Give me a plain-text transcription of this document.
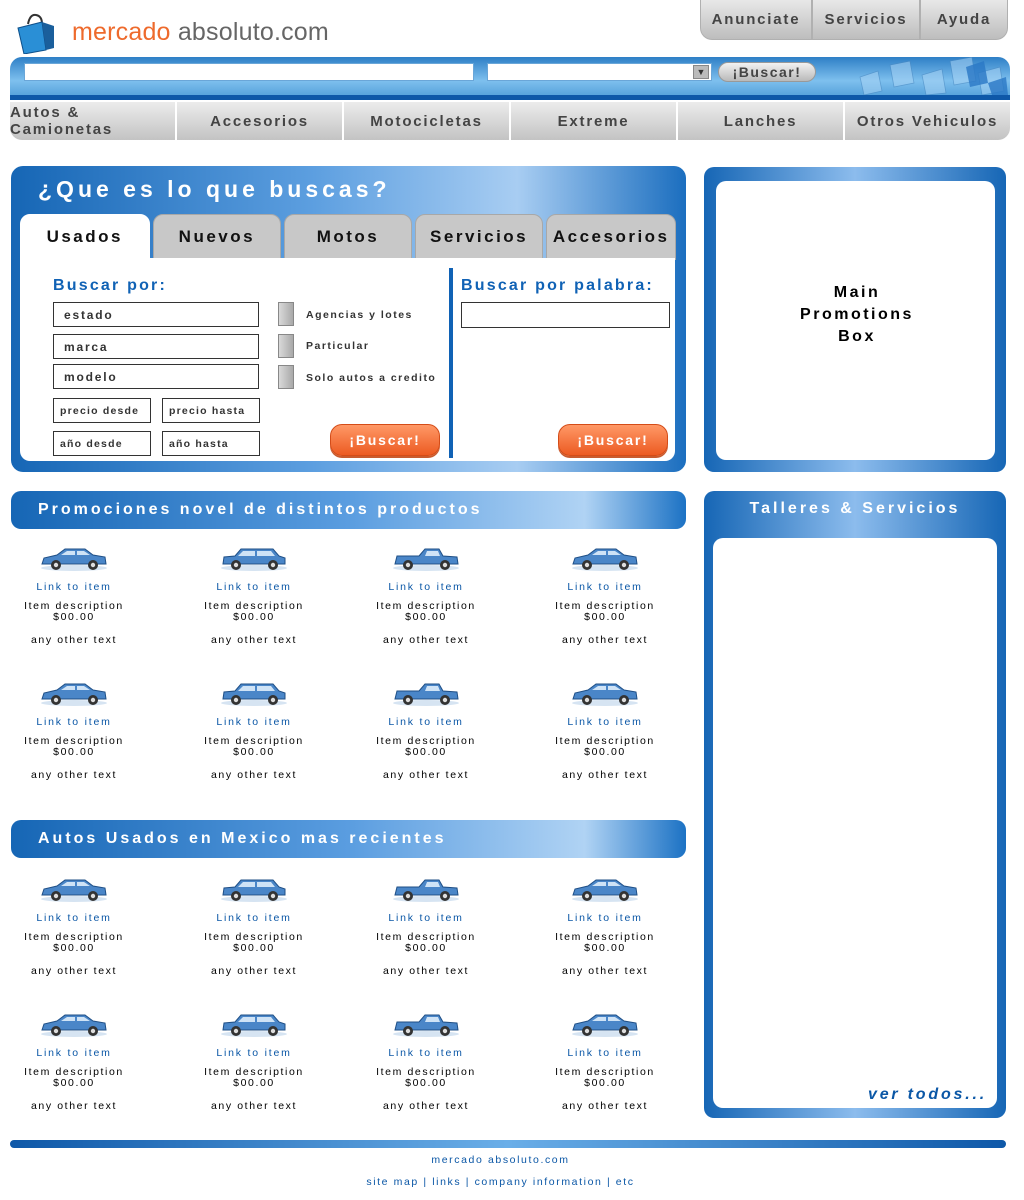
mercado absoluto.com	Anunciate	Servicios	Ayuda
▼	¡Buscar!
Autos & Camionetas	Accesorios	Motocicletas	Extreme	Lanches	Otros Vehiculos
¿Que es lo que buscas?
Usados	Nuevos	Motos	Servicios	Accesorios
Buscar por:
estado
marca
modelo
precio desde	precio hasta
año desde	año hasta
Agencias y lotes
Particular
Solo autos a credito
¡Buscar!
Buscar por palabra:
¡Buscar!
Main
Promotions
Box
Talleres & Servicios
ver todos...
Promociones novel de distintos productos
Autos Usados en Mexico mas recientes
Link to item
Item description
$00.00
any other text
Link to item
Item description
$00.00
any other text
Link to item
Item description
$00.00
any other text
Link to item
Item description
$00.00
any other text
Link to item
Item description
$00.00
any other text
Link to item
Item description
$00.00
any other text
Link to item
Item description
$00.00
any other text
Link to item
Item description
$00.00
any other text
Link to item
Item description
$00.00
any other text
Link to item
Item description
$00.00
any other text
Link to item
Item description
$00.00
any other text
Link to item
Item description
$00.00
any other text
Link to item
Item description
$00.00
any other text
Link to item
Item description
$00.00
any other text
Link to item
Item description
$00.00
any other text
Link to item
Item description
$00.00
any other text
mercado absoluto.com
site map | links | company information | etc
